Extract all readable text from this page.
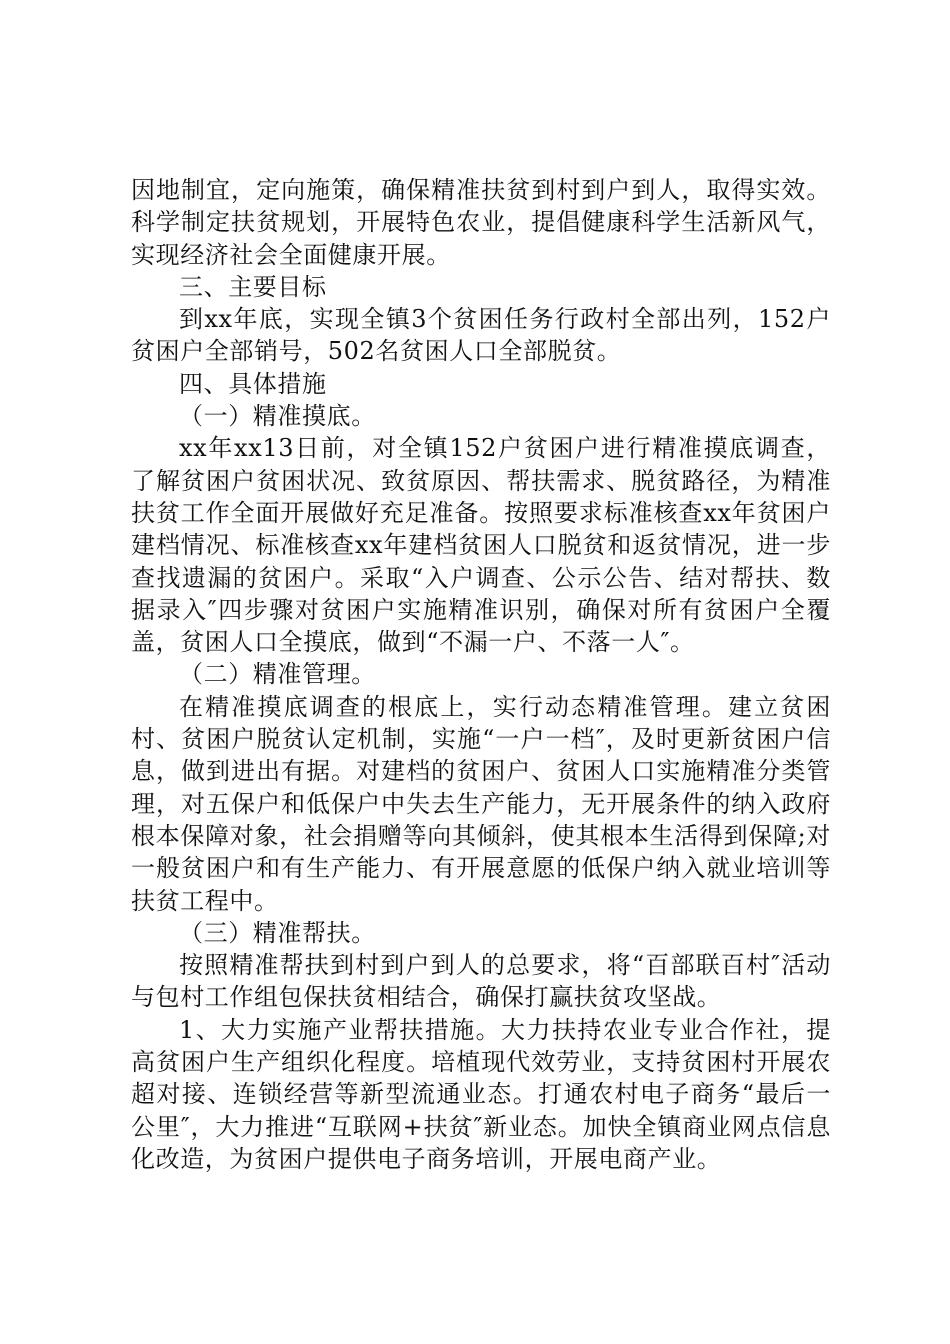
因地制宜，定向施策，确保精准扶贫到村到户到人，取得实效。科学制定扶贫规划，开展特色农业，提倡健康科学生活新风气，实现经济社会全面健康开展。

三、主要目标

到xx年底，实现全镇3个贫困任务行政村全部出列，152户贫困户全部销号，502名贫困人口全部脱贫。

四、具体措施

（一）精准摸底。

xx年xx13日前，对全镇152户贫困户进行精准摸底调查，了解贫困户贫困状况、致贫原因、帮扶需求、脱贫路径，为精准扶贫工作全面开展做好充足准备。按照要求标准核查xx年贫困户建档情况、标准核查xx年建档贫困人口脱贫和返贫情况，进一步查找遗漏的贫困户。采取“入户调查、公示公告、结对帮扶、数据录入″四步骤对贫困户实施精准识别，确保对所有贫困户全覆盖，贫困人口全摸底，做到“不漏一户、不落一人″。

（二）精准管理。

在精准摸底调查的根底上，实行动态精准管理。建立贫困村、贫困户脱贫认定机制，实施“一户一档″，及时更新贫困户信息，做到进出有据。对建档的贫困户、贫困人口实施精准分类管理，对五保户和低保户中失去生产能力，无开展条件的纳入政府根本保障对象，社会捐赠等向其倾斜，使其根本生活得到保障;对一般贫困户和有生产能力、有开展意愿的低保户纳入就业培训等扶贫工程中。

（三）精准帮扶。

按照精准帮扶到村到户到人的总要求，将“百部联百村″活动与包村工作组包保扶贫相结合，确保打赢扶贫攻坚战。

1、大力实施产业帮扶措施。大力扶持农业专业合作社，提高贫困户生产组织化程度。培植现代效劳业，支持贫困村开展农超对接、连锁经营等新型流通业态。打通农村电子商务“最后一公里″，大力推进“互联网+扶贫″新业态。加快全镇商业网点信息化改造，为贫困户提供电子商务培训，开展电商产业。
